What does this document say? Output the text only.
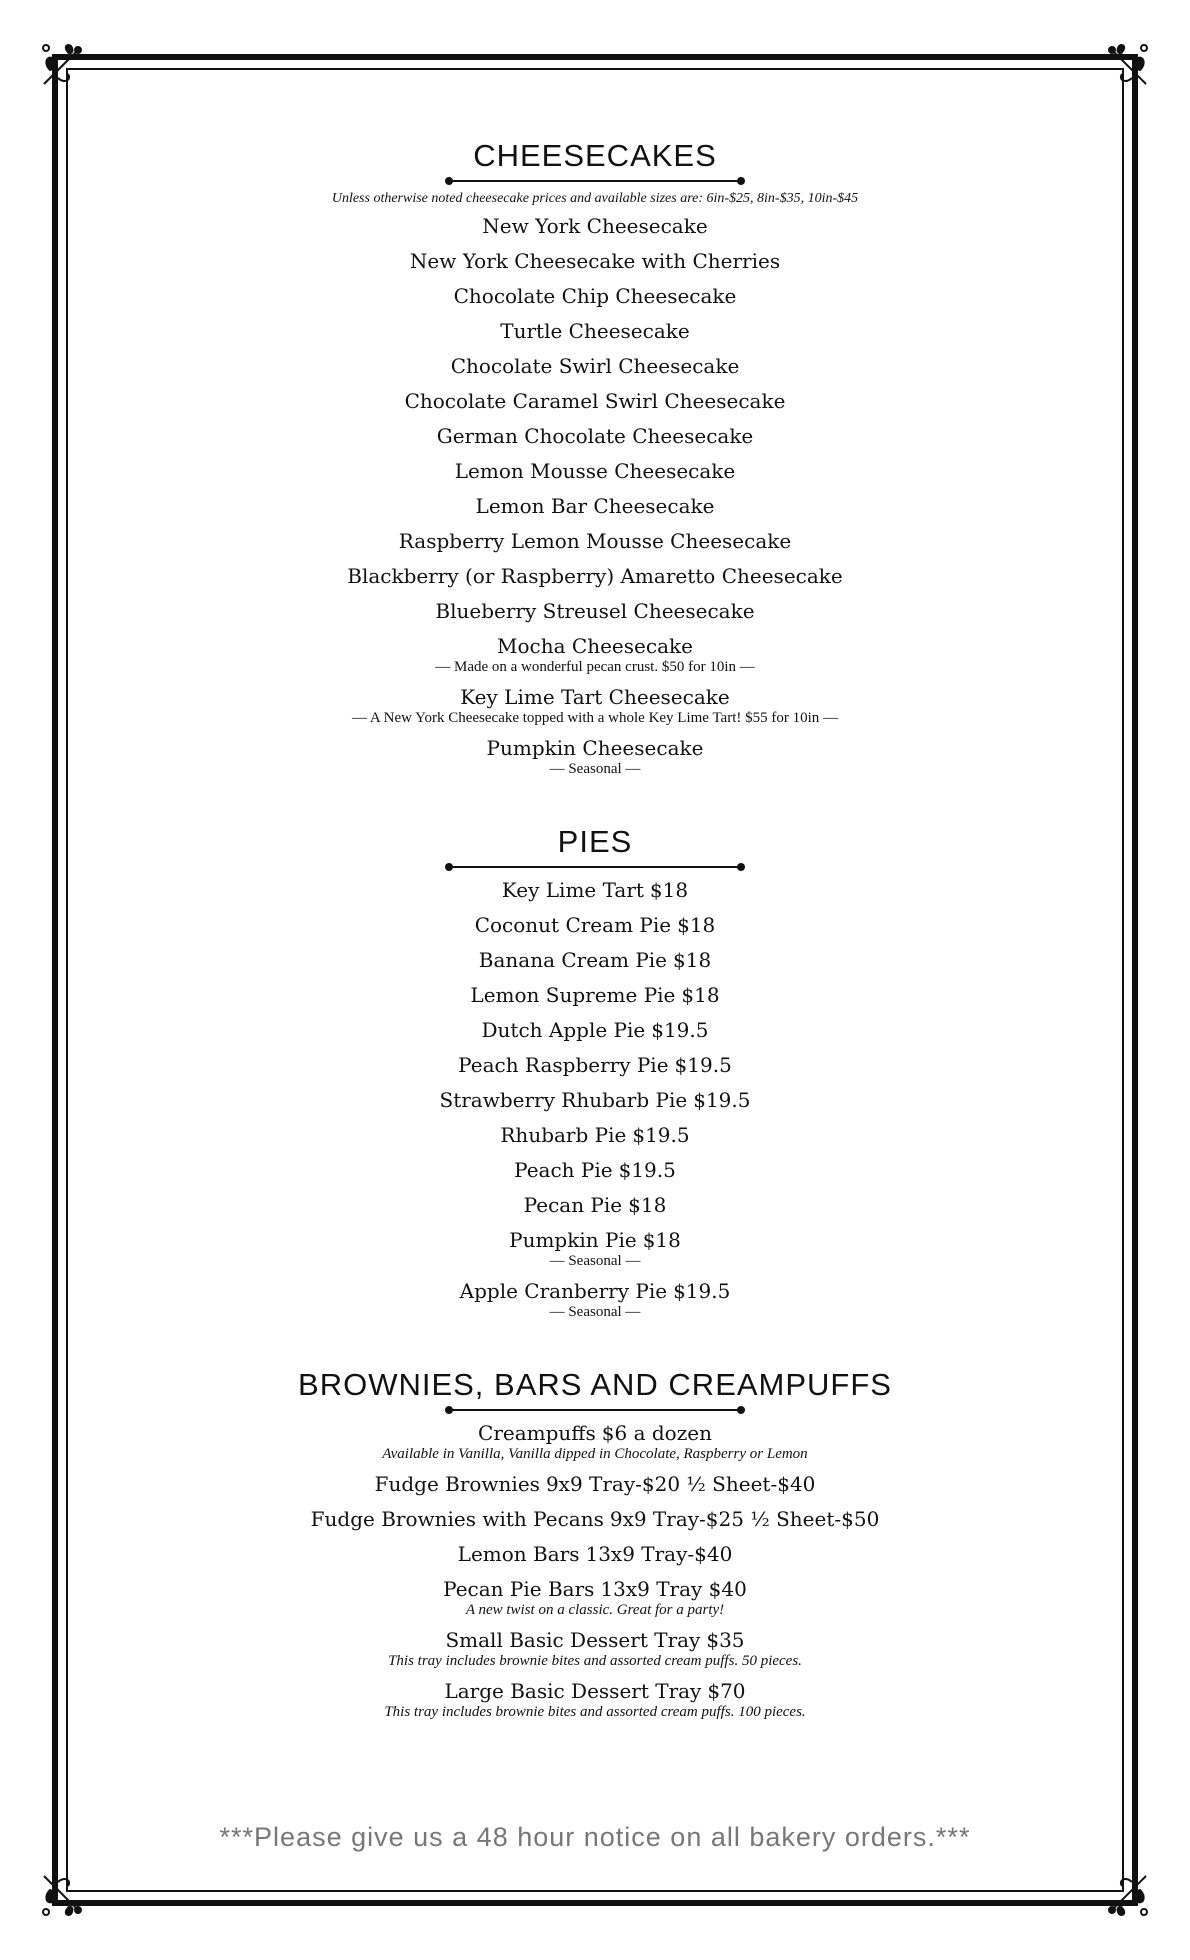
CHEESECAKES
Unless otherwise noted cheesecake prices and available sizes are: 6in-$25, 8in-$35, 10in-$45
New York Cheesecake
New York Cheesecake with Cherries
Chocolate Chip Cheesecake
Turtle Cheesecake
Chocolate Swirl Cheesecake
Chocolate Caramel Swirl Cheesecake
German Chocolate Cheesecake
Lemon Mousse Cheesecake
Lemon Bar Cheesecake
Raspberry Lemon Mousse Cheesecake
Blackberry (or Raspberry) Amaretto Cheesecake
Blueberry Streusel Cheesecake
Mocha Cheesecake
— Made on a wonderful pecan crust. $50 for 10in —
Key Lime Tart Cheesecake
— A New York Cheesecake topped with a whole Key Lime Tart! $55 for 10in —
Pumpkin Cheesecake
— Seasonal —
PIES
Key Lime Tart $18
Coconut Cream Pie $18
Banana Cream Pie $18
Lemon Supreme Pie $18
Dutch Apple Pie $19.5
Peach Raspberry Pie $19.5
Strawberry Rhubarb Pie $19.5
Rhubarb Pie $19.5
Peach Pie $19.5
Pecan Pie $18
Pumpkin Pie $18
— Seasonal —
Apple Cranberry Pie $19.5
— Seasonal —
BROWNIES, BARS AND CREAMPUFFS
Creampuffs $6 a dozen
Available in Vanilla, Vanilla dipped in Chocolate, Raspberry or Lemon
Fudge Brownies 9x9 Tray-$20 ½ Sheet-$40
Fudge Brownies with Pecans 9x9 Tray-$25 ½ Sheet-$50
Lemon Bars 13x9 Tray-$40
Pecan Pie Bars 13x9 Tray $40
A new twist on a classic. Great for a party!
Small Basic Dessert Tray $35
This tray includes brownie bites and assorted cream puffs. 50 pieces.
Large Basic Dessert Tray $70
This tray includes brownie bites and assorted cream puffs. 100 pieces.
***Please give us a 48 hour notice on all bakery orders.***
